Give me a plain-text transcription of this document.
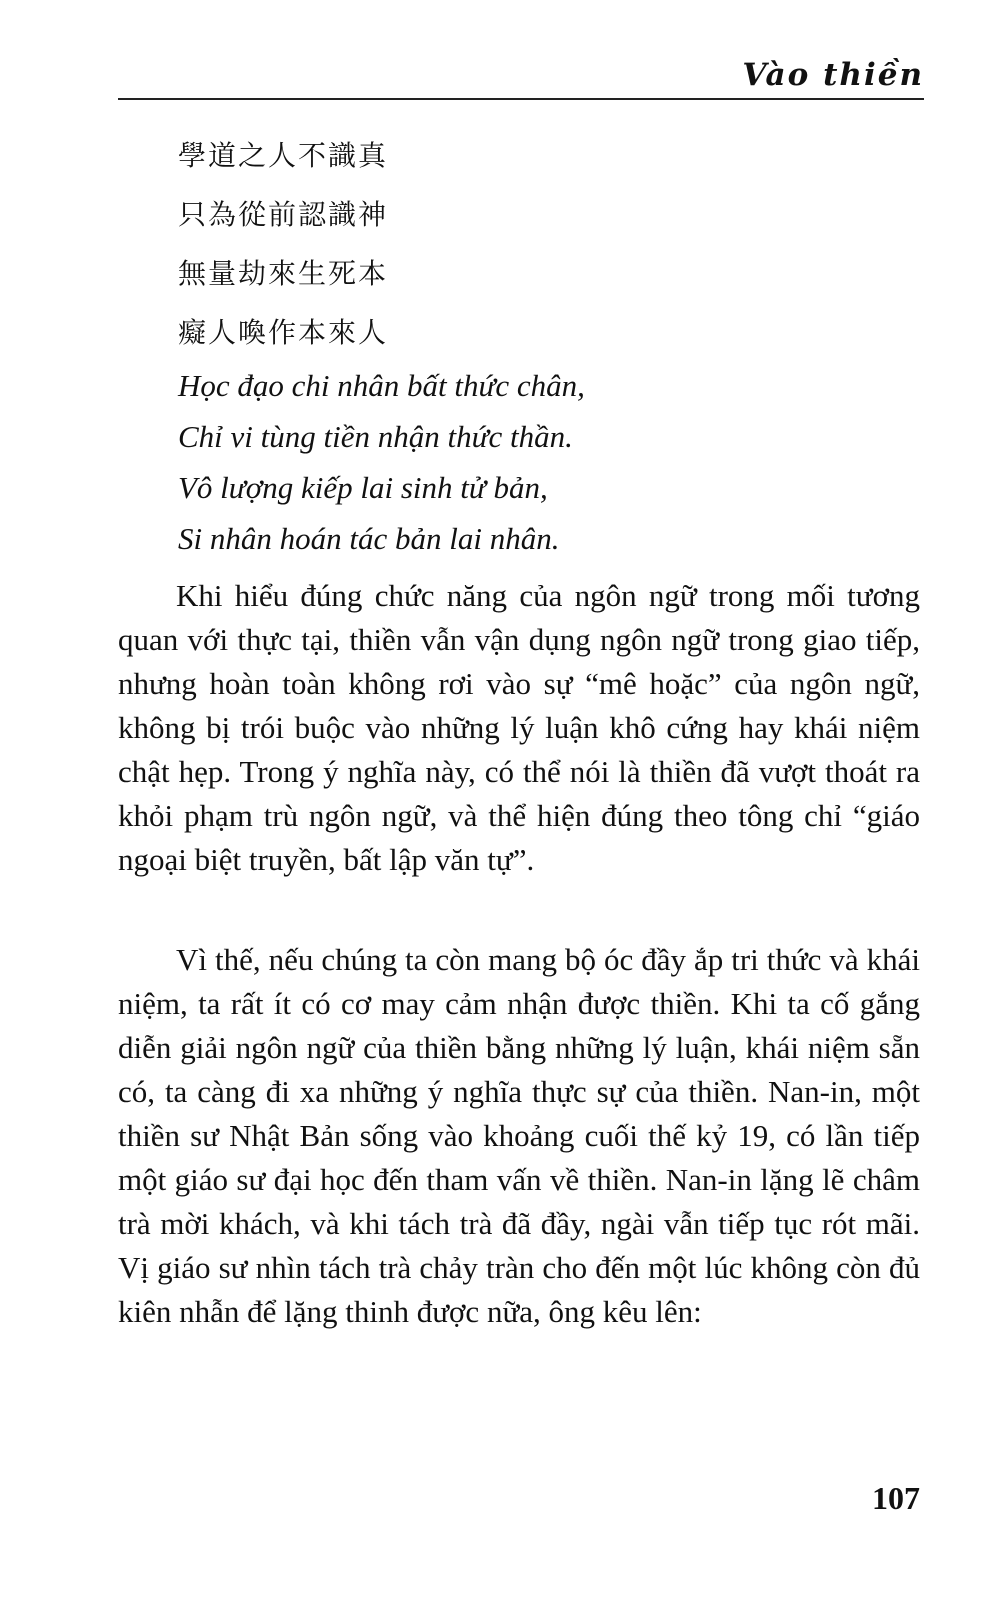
Vào thiền
學道之人不識真
只為從前認識神
無量劫來生死本
癡人喚作本來人
Học đạo chi nhân bất thức chân,
Chỉ vi tùng tiền nhận thức thần.
Vô lượng kiếp lai sinh tử bản,
Si nhân hoán tác bản lai nhân.

Khi hiểu đúng chức năng của ngôn ngữ trong mối tương quan với thực tại, thiền vẫn vận dụng ngôn ngữ trong giao tiếp, nhưng hoàn toàn không rơi vào sự “mê hoặc” của ngôn ngữ, không bị trói buộc vào những lý luận khô cứng hay khái niệm chật hẹp. Trong ý nghĩa này, có thể nói là thiền đã vượt thoát ra khỏi phạm trù ngôn ngữ, và thể hiện đúng theo tông chỉ “giáo ngoại biệt truyền, bất lập văn tự”.

Vì thế, nếu chúng ta còn mang bộ óc đầy ắp tri thức và khái niệm, ta rất ít có cơ may cảm nhận được thiền. Khi ta cố gắng diễn giải ngôn ngữ của thiền bằng những lý luận, khái niệm sẵn có, ta càng đi xa những ý nghĩa thực sự của thiền. Nan-in, một thiền sư Nhật Bản sống vào khoảng cuối thế kỷ 19, có lần tiếp một giáo sư đại học đến tham vấn về thiền. Nan-in lặng lẽ châm trà mời khách, và khi tách trà đã đầy, ngài vẫn tiếp tục rót mãi. Vị giáo sư nhìn tách trà chảy tràn cho đến một lúc không còn đủ kiên nhẫn để lặng thinh được nữa, ông kêu lên:

107
